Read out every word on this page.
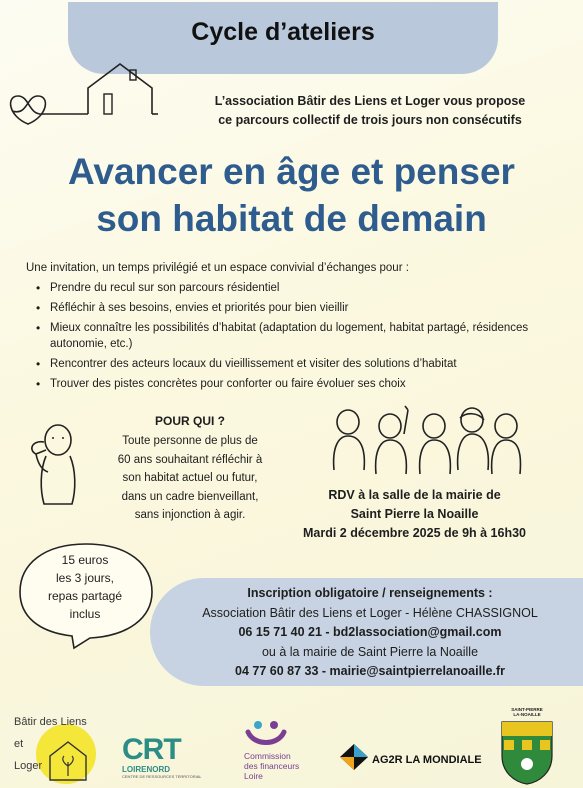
Cycle d’ateliers
L’association Bâtir des Liens et Loger vous propose
ce parcours collectif de trois jours non consécutifs
Avancer en âge et penser
son habitat de demain
Une invitation, un temps privilégié et un espace convivial d’échanges pour :
• Prendre du recul sur son parcours résidentiel
• Réfléchir à ses besoins, envies et priorités pour bien vieillir
• Mieux connaître les possibilités d’habitat (adaptation du logement, habitat partagé, résidences autonomie, etc.)
• Rencontrer des acteurs locaux du vieillissement et visiter des solutions d’habitat
• Trouver des pistes concrètes pour conforter ou faire évoluer ses choix
POUR QUI ?
Toute personne de plus de
60 ans souhaitant réfléchir à
son habitat actuel ou futur,
dans un cadre bienveillant,
sans injonction à agir.
RDV à la salle de la mairie de
Saint Pierre la Noaille
Mardi 2 décembre 2025 de 9h à 16h30
15 euros
les 3 jours,
repas partagé
inclus
Inscription obligatoire / renseignements :
Association Bâtir des Liens et Loger - Hélène CHASSIGNOL
06 15 71 40 21 - bd2lassociation@gmail.com
ou à la mairie de Saint Pierre la Noaille
04 77 60 87 33 - mairie@saintpierrelanoaille.fr
Bâtir des Liens
et
Loger	CRT
LOIRENORD
CENTRE DE RESSOURCES TERRITORIAL
Commission
des financeurs
Loire
AG2R LA MONDIALE
SAINT-PIERRE
LA-NOAILLE
